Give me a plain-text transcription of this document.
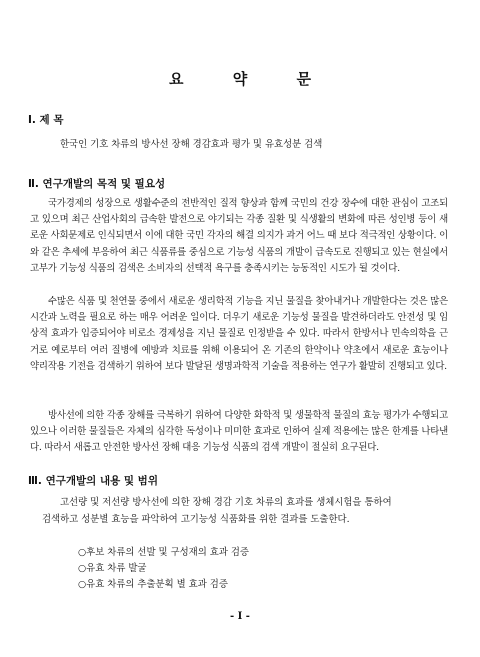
요 약 문
Ⅰ. 제 목
한국인 기호 차류의 방사선 장해 경감효과 평가 및 유효성분 검색
Ⅱ. 연구개발의 목적 및 필요성

국가경제의 성장으로 생활수준의 전반적인 질적 향상과 함께 국민의 건강 장수에 대한 관심이 고조되고 있으며 최근 산업사회의 급속한 발전으로 야기되는 각종 질환 및 식생활의 변화에 따른 성인병 등이 새로운 사회문제로 인식되면서 이에 대한 국민 각자의 해결 의지가 과거 어느 때 보다 적극적인 상황이다. 이와 같은 추세에 부응하여 최근 식품류를 중심으로 기능성 식품의 개발이 급속도로 진행되고 있는 현실에서 고부가 기능성 식품의 검색은 소비자의 선택적 욕구를 충족시키는 능동적인 시도가 될 것이다.

수많은 식품 및 천연물 중에서 새로운 생리학적 기능을 지닌 물질을 찾아내거나 개발한다는 것은 많은 시간과 노력을 필요로 하는 매우 어려운 일이다. 더우기 새로운 기능성 물질을 발견하더라도 안전성 및 임상적 효과가 입증되어야 비로소 경제성을 지닌 물질로 인정받을 수 있다. 따라서 한방서나 민속의학을 근거로 예로부터 여러 질병에 예방과 치료를 위해 이용되어 온 기존의 한약이나 약초에서 새로운 효능이나 약리작용 기전을 검색하기 위하여 보다 발달된 생명과학적 기술을 적용하는 연구가 활발히 진행되고 있다.

방사선에 의한 각종 장해를 극복하기 위하여 다양한 화학적 및 생물학적 물질의 효능 평가가 수행되고 있으나 이러한 물질들은 자체의 심각한 독성이나 미미한 효과로 인하여 실제 적용에는 많은 한계를 나타낸다. 따라서 새롭고 안전한 방사선 장해 대응 기능성 식품의 검색 개발이 절실히 요구된다.

Ⅲ. 연구개발의 내용 및 범위
고선량 및 저선량 방사선에 의한 장해 경감 기호 차류의 효과를 생체시험을 통하여
검색하고 성분별 효능을 파악하여 고기능성 식품화를 위한 결과를 도출한다.
○후보 차류의 선발 및 구성재의 효과 검증
○유효 차류 발굴
○유효 차류의 추출분획 별 효과 검증
- I -
